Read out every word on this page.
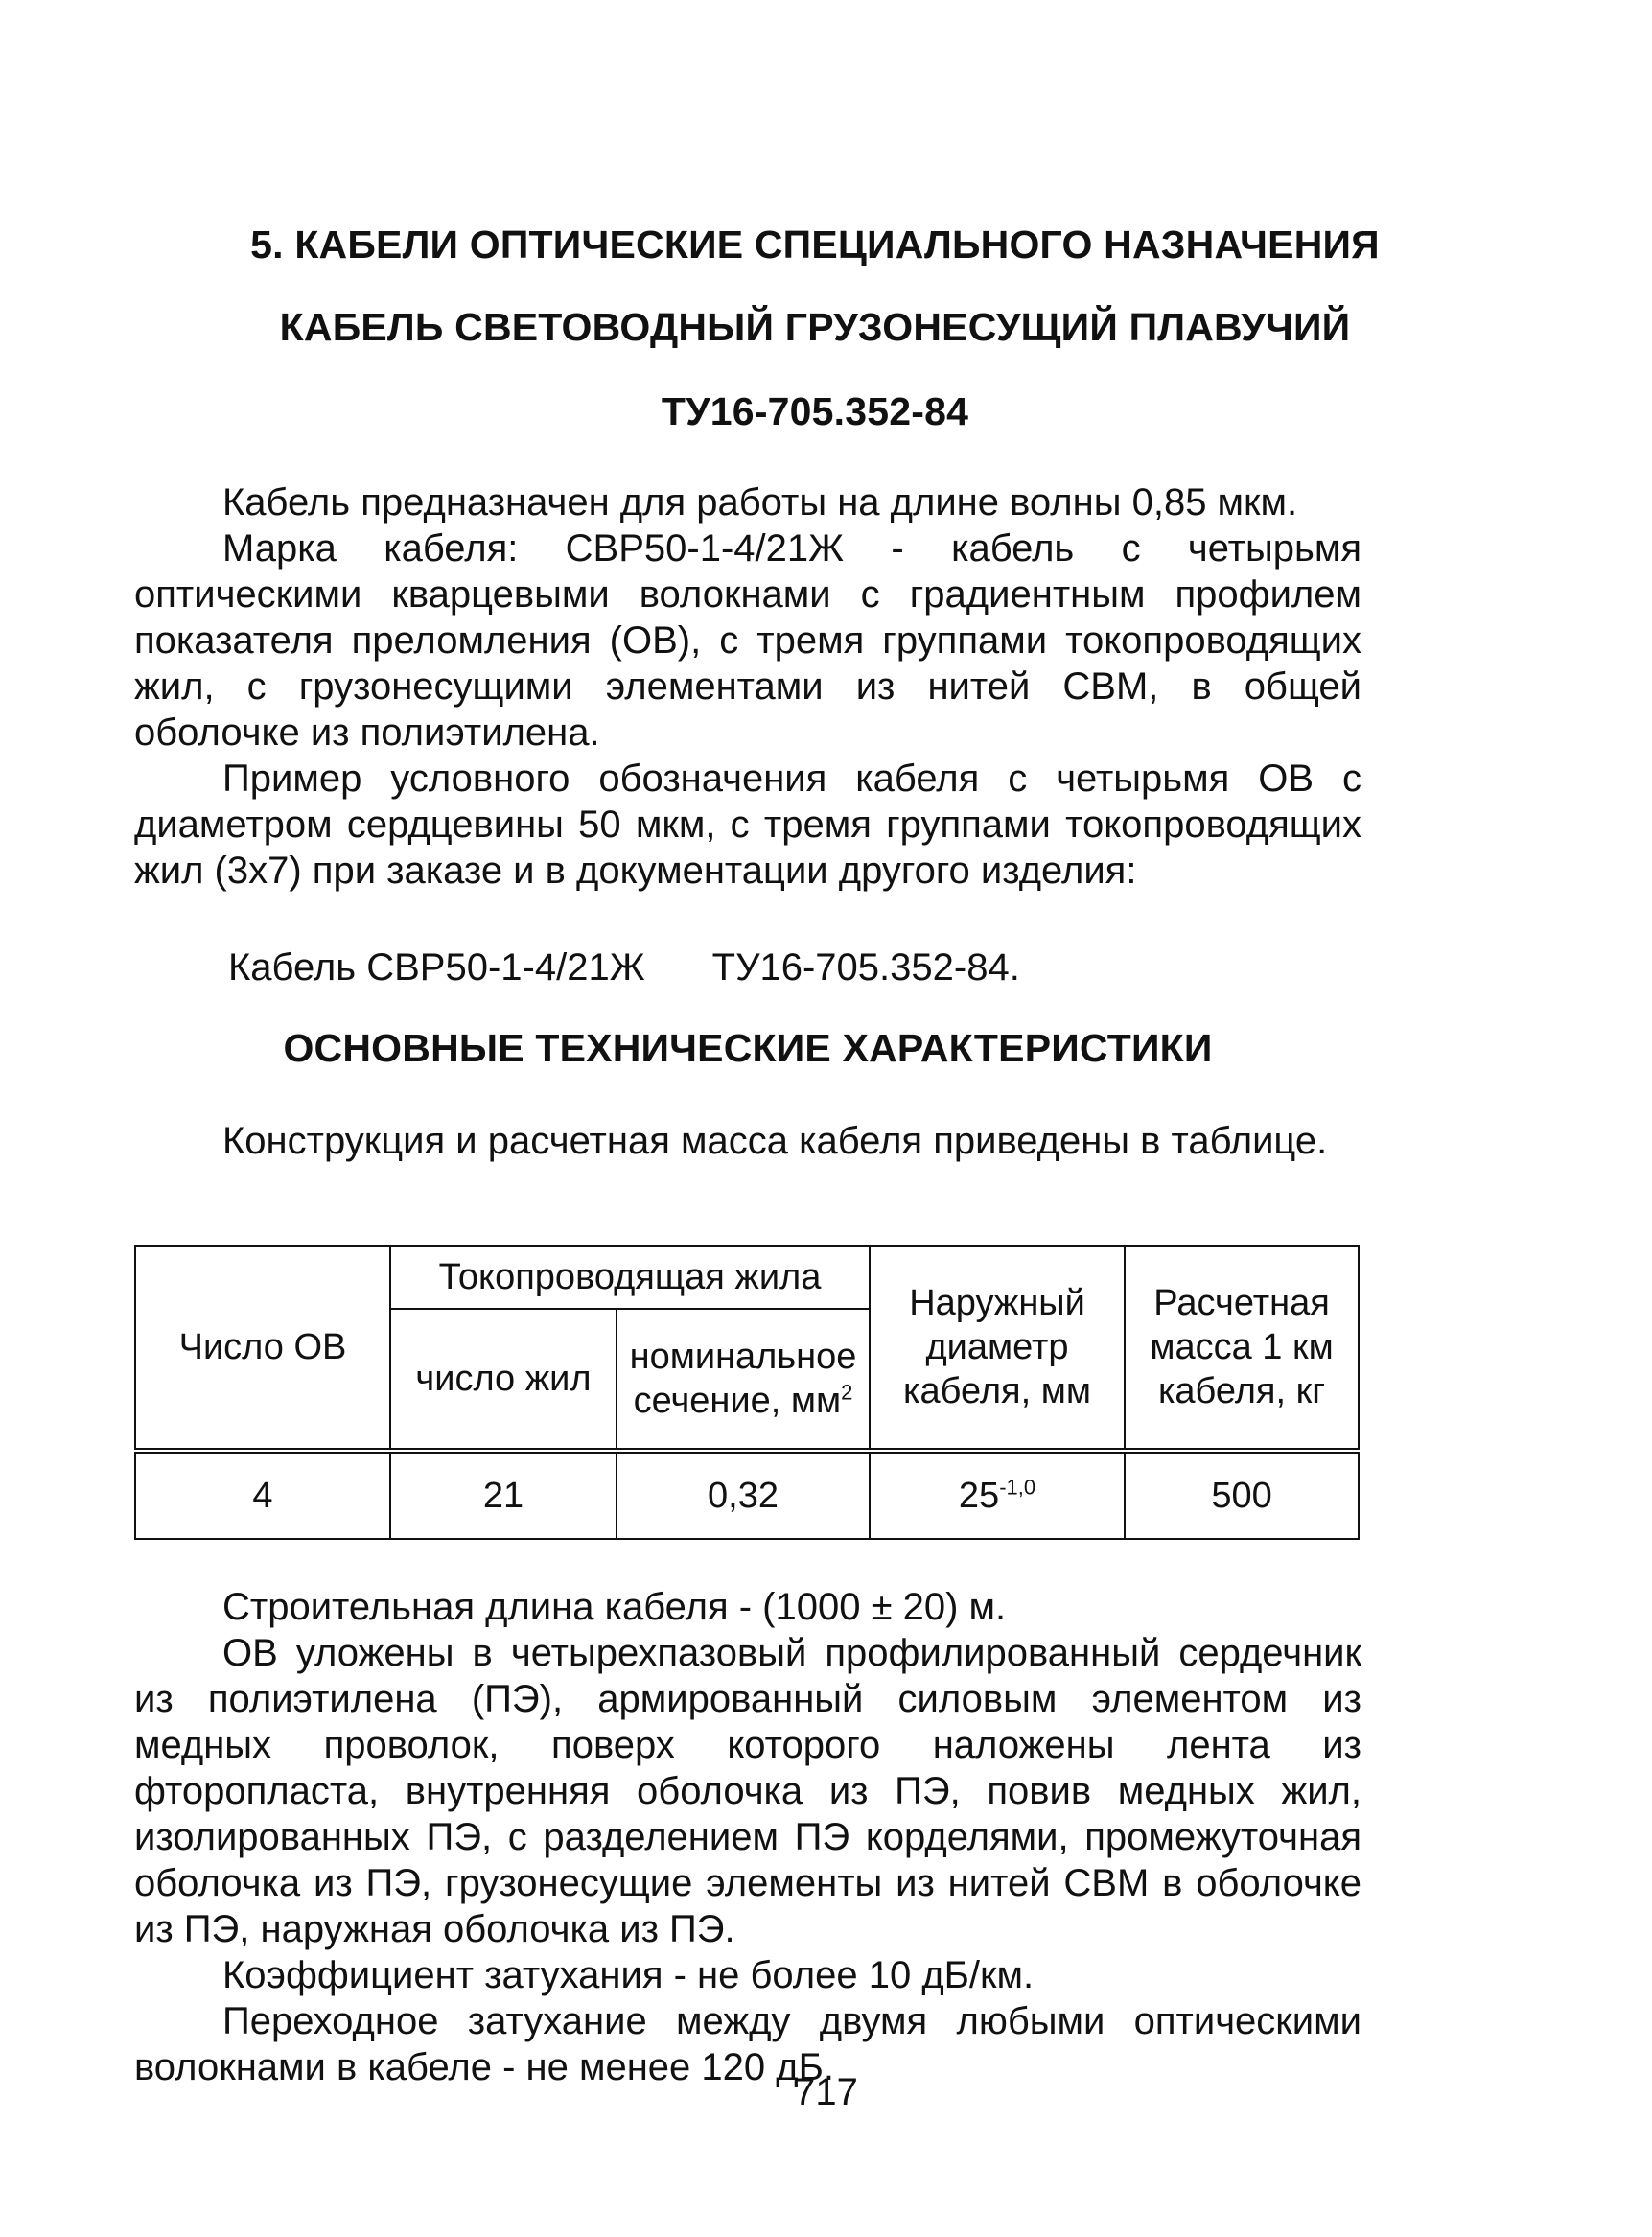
5. КАБЕЛИ ОПТИЧЕСКИЕ СПЕЦИАЛЬНОГО НАЗНАЧЕНИЯ
КАБЕЛЬ СВЕТОВОДНЫЙ ГРУЗОНЕСУЩИЙ ПЛАВУЧИЙ
ТУ16-705.352-84
Кабель предназначен для работы на длине волны 0,85 мкм.
Марка кабеля: СВР50-1-4/21Ж - кабель с четырьмя оптическими кварцевыми волокнами с градиентным профилем показателя преломления (ОВ), с тремя группами токопроводящих жил, с грузонесущими элементами из нитей СВМ, в общей оболочке из полиэтилена.
Пример условного обозначения кабеля с четырьмя ОВ с диаметром сердцевины 50 мкм, с тремя группами токопроводящих жил (3х7) при заказе и в документации другого изделия:
Кабель СВР50-1-4/21Ж ТУ16-705.352-84.
ОСНОВНЫЕ ТЕХНИЧЕСКИЕ ХАРАКТЕРИСТИКИ
Конструкция и расчетная масса кабеля приведены в таблице.
Число ОВ	Токопроводящая жила		Наружный диаметр кабеля, мм	Расчетная масса 1 км кабеля, кг
	число жил	номинальное сечение, $мм^2$
4	21	0,32	$25^{-1,0}$	500
Строительная длина кабеля - (1000 ± 20) м.
ОВ уложены в четырехпазовый профилированный сердечник из полиэтилена (ПЭ), армированный силовым элементом из медных проволок, поверх которого наложены лента из фторопласта, внутренняя оболочка из ПЭ, повив медных жил, изолированных ПЭ, с разделением ПЭ корделями, промежуточная оболочка из ПЭ, грузонесущие элементы из нитей СВМ в оболочке из ПЭ, наружная оболочка из ПЭ.
Коэффициент затухания - не более 10 дБ/км.
Переходное затухание между двумя любыми оптическими волокнами в кабеле - не менее 120 дБ.
717
